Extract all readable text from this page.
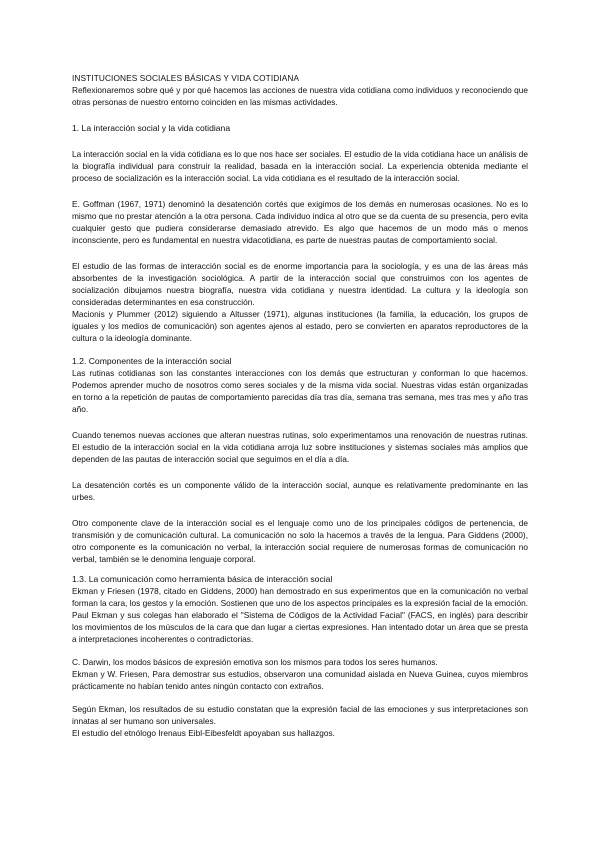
INSTITUCIONES SOCIALES BÁSICAS Y VIDA COTIDIANA

Reflexionaremos sobre qué y por qué hacemos las acciones de nuestra vida cotidiana como individuos y reconociendo que otras personas de nuestro entorno coinciden en las mismas actividades.

1. La interacción social y la vida cotidiana

La interacción social en la vida cotidiana es lo que nos hace ser sociales. El estudio de la vida cotidiana hace un análisis de la biografía individual para construir la realidad, basada en la interacción social. La experiencia obtenida mediante el proceso de socialización es la interacción social. La vida cotidiana es el resultado de la interacción social.

E. Goffman (1967, 1971) denominó la desatención cortés que exigimos de los demás en numerosas ocasiones. No es lo mismo que no prestar atención a la otra persona. Cada individuo indica al otro que se da cuenta de su presencia, pero evita cualquier gesto que pudiera considerarse demasiado atrevido. Es algo que hacemos de un modo más o menos inconsciente, pero es fundamental en nuestra vidacotidiana, es parte de nuestras pautas de comportamiento social.

El estudio de las formas de interacción social es de enorme importancia para la sociología, y es una de las áreas más absorbentes de la investigación sociológica. A partir de la interacción social que construimos con los agentes de socialización dibujamos nuestra biografía, nuestra vida cotidiana y nuestra identidad. La cultura y la ideología son consideradas determinantes en esa construcción.

Macionis y Plummer (2012) siguiendo a Altusser (1971), algunas instituciones (la familia, la educación, los grupos de iguales y los medios de comunicación) son agentes ajenos al estado, pero se convierten en aparatos reproductores de la cultura o la ideología dominante.

1.2. Componentes de la interacción social

Las rutinas cotidianas son las constantes interacciones con los demás que estructuran y conforman lo que hacemos. Podemos aprender mucho de nosotros como seres sociales y de la misma vida social. Nuestras vidas están organizadas en torno a la repetición de pautas de comportamiento parecidas día tras día, semana tras semana, mes tras mes y año tras año.

Cuando tenemos nuevas acciones que alteran nuestras rutinas, solo experimentamos una renovación de nuestras rutinas. El estudio de la interacción social en la vida cotidiana arroja luz sobre instituciones y sistemas sociales más amplios que dependen de las pautas de interacción social que seguimos en el día a día.

La desatención cortés es un componente válido de la interacción social, aunque es relativamente predominante en las urbes.

Otro componente clave de la interacción social es el lenguaje como uno de los principales códigos de pertenencia, de transmisión y de comunicación cultural. La comunicación no solo la hacemos a través de la lengua. Para Giddens (2000), otro componente es la comunicación no verbal, la interacción social requiere de numerosas formas de comunicación no verbal, también se le denomina lenguaje corporal.

1.3. La comunicación como herramienta básica de interacción social

Ekman y Friesen (1978, citado en Giddens, 2000) han demostrado en sus experimentos que en la comunicación no verbal forman la cara, los gestos y la emoción. Sostienen que uno de los aspectos principales es la expresión facial de la emoción. Paul Ekman y sus colegas han elaborado el "Sistema de Códigos de la Actividad Facial" (FACS, en inglés) para describir los movimientos de los músculos de la cara que dan lugar a ciertas expresiones. Han intentado dotar un área que se presta a interpretaciones incoherentes o contradictorias.

C. Darwin, los modos básicos de expresión emotiva son los mismos para todos los seres humanos.

Ekman y W. Friesen, Para demostrar sus estudios, observaron una comunidad aislada en Nueva Guinea, cuyos miembros prácticamente no habían tenido antes ningún contacto con extraños.

Según Ekman, los resultados de su estudio constatan que la expresión facial de las emociones y sus interpretaciones son innatas al ser humano son universales.

El estudio del etnólogo Irenaus Eibl-Eibesfeldt apoyaban sus hallazgos.
